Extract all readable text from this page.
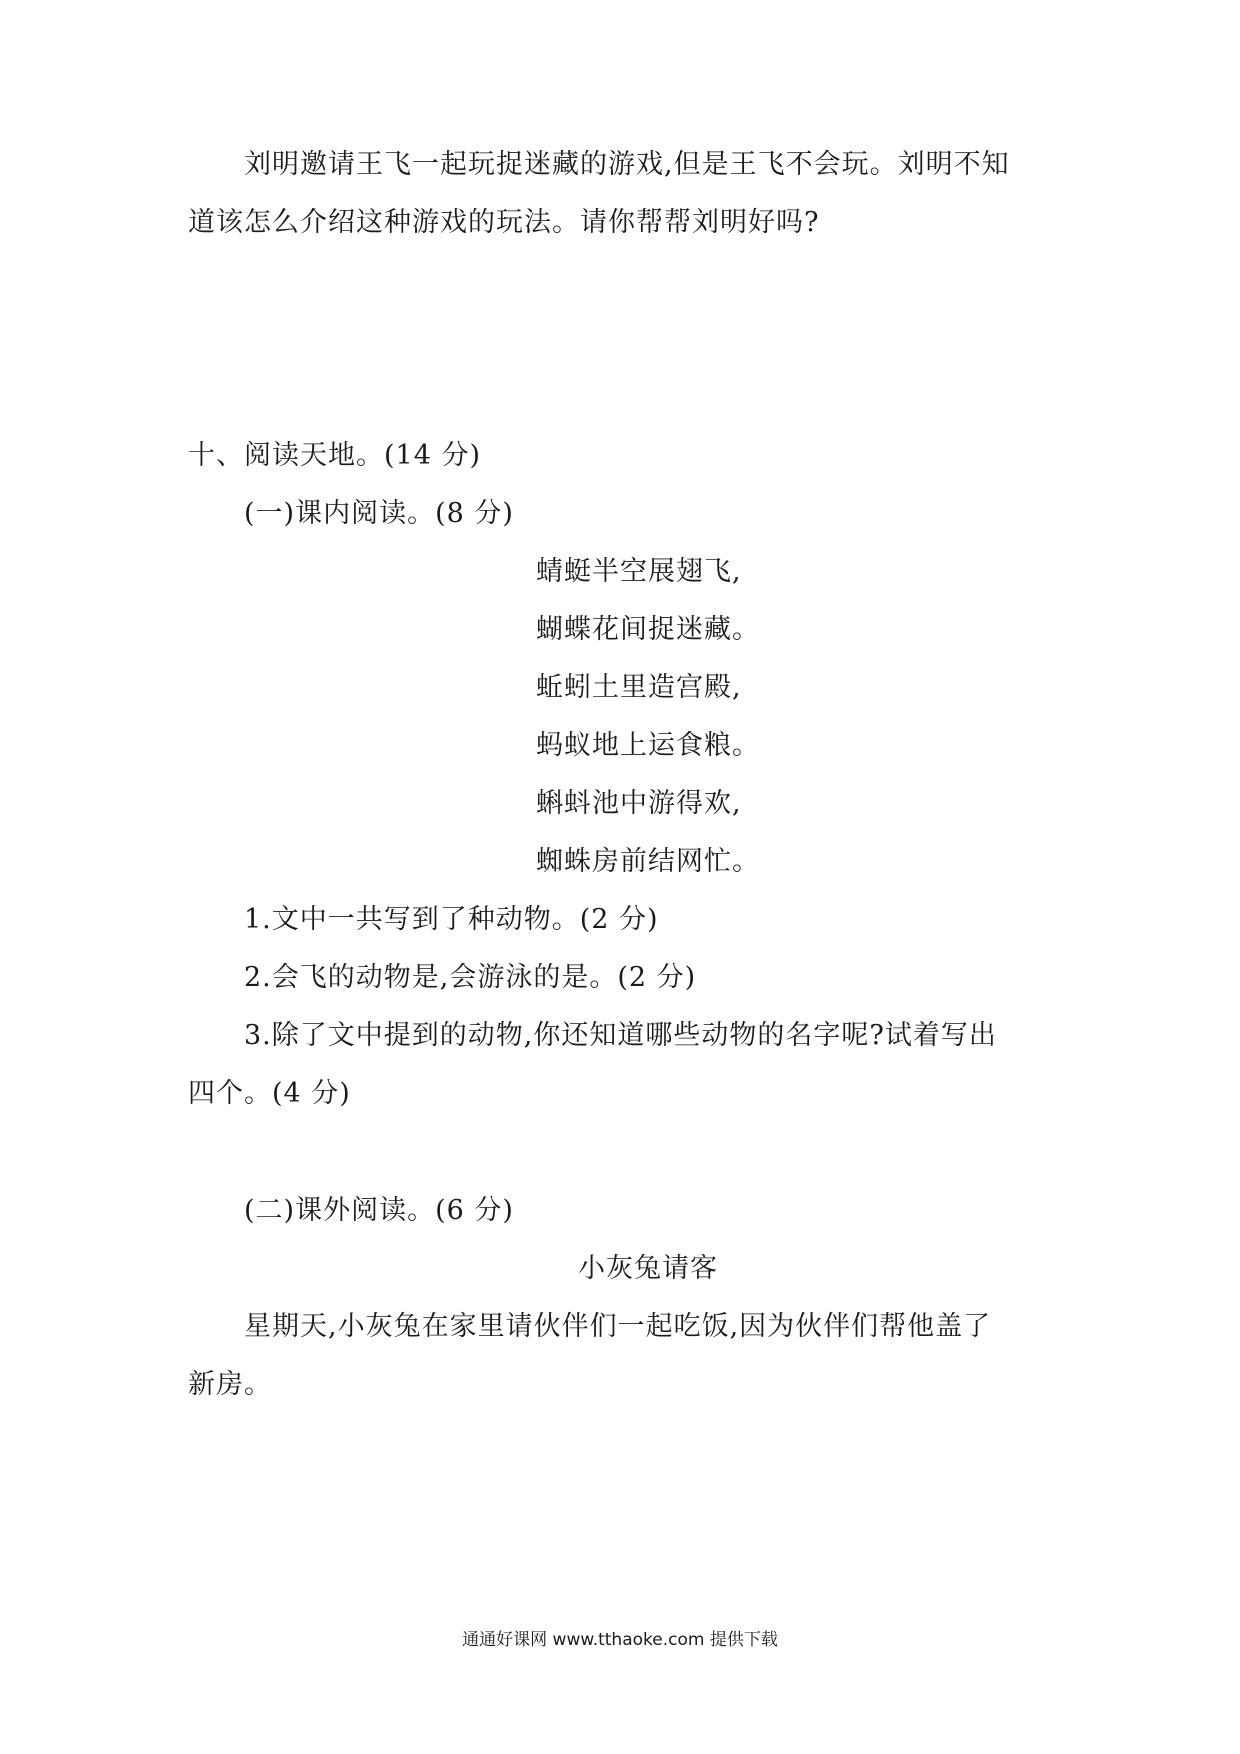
刘明邀请王飞一起玩捉迷藏的游戏,但是王飞不会玩。刘明不知
道该怎么介绍这种游戏的玩法。请你帮帮刘明好吗?
十、阅读天地。(14 分)
(一)课内阅读。(8 分)
蜻蜓半空展翅飞,
蝴蝶花间捉迷藏。
蚯蚓土里造宫殿,
蚂蚁地上运食粮。
蝌蚪池中游得欢,
蜘蛛房前结网忙。
1.文中一共写到了种动物。(2 分)
2.会飞的动物是,会游泳的是。(2 分)
3.除了文中提到的动物,你还知道哪些动物的名字呢?试着写出
四个。(4 分)
(二)课外阅读。(6 分)
小灰兔请客
星期天,小灰兔在家里请伙伴们一起吃饭,因为伙伴们帮他盖了
新房。
通通好课网 www.tthaoke.com 提供下载
